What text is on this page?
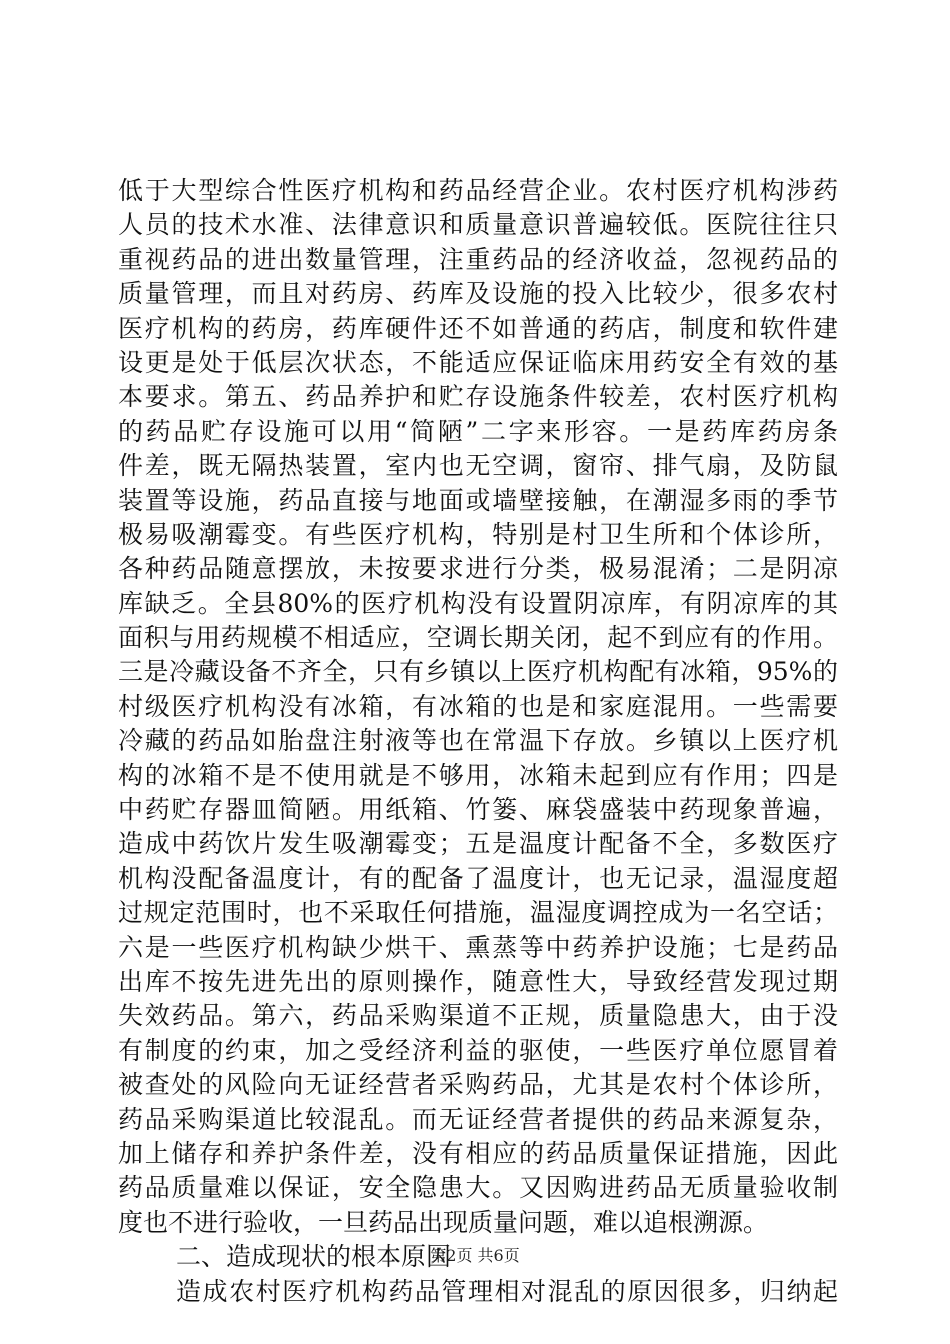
低于大型综合性医疗机构和药品经营企业。农村医疗机构涉药
人员的技术水准、法律意识和质量意识普遍较低。医院往往只
重视药品的进出数量管理，注重药品的经济收益，忽视药品的
质量管理，而且对药房、药库及设施的投入比较少，很多农村
医疗机构的药房，药库硬件还不如普通的药店，制度和软件建
设更是处于低层次状态，不能适应保证临床用药安全有效的基
本要求。第五、药品养护和贮存设施条件较差，农村医疗机构
的药品贮存设施可以用“简陋”二字来形容。一是药库药房条
件差，既无隔热装置，室内也无空调，窗帘、排气扇，及防鼠
装置等设施，药品直接与地面或墙壁接触，在潮湿多雨的季节
极易吸潮霉变。有些医疗机构，特别是村卫生所和个体诊所，
各种药品随意摆放，未按要求进行分类，极易混淆；二是阴凉
库缺乏。全县80%的医疗机构没有设置阴凉库，有阴凉库的其
面积与用药规模不相适应，空调长期关闭，起不到应有的作用。
三是冷藏设备不齐全，只有乡镇以上医疗机构配有冰箱，95%的
村级医疗机构没有冰箱，有冰箱的也是和家庭混用。一些需要
冷藏的药品如胎盘注射液等也在常温下存放。乡镇以上医疗机
构的冰箱不是不使用就是不够用，冰箱未起到应有作用；四是
中药贮存器皿简陋。用纸箱、竹篓、麻袋盛装中药现象普遍，
造成中药饮片发生吸潮霉变；五是温度计配备不全，多数医疗
机构没配备温度计，有的配备了温度计，也无记录，温湿度超
过规定范围时，也不采取任何措施，温湿度调控成为一名空话；
六是一些医疗机构缺少烘干、熏蒸等中药养护设施；七是药品
出库不按先进先出的原则操作，随意性大，导致经营发现过期
失效药品。第六，药品采购渠道不正规，质量隐患大，由于没
有制度的约束，加之受经济利益的驱使，一些医疗单位愿冒着
被查处的风险向无证经营者采购药品，尤其是农村个体诊所，
药品采购渠道比较混乱。而无证经营者提供的药品来源复杂，
加上储存和养护条件差，没有相应的药品质量保证措施，因此
药品质量难以保证，安全隐患大。又因购进药品无质量验收制
度也不进行验收，一旦药品出现质量问题，难以追根溯源。
二、造成现状的根本原因
造成农村医疗机构药品管理相对混乱的原因很多，归纳起
第2页 共6页
